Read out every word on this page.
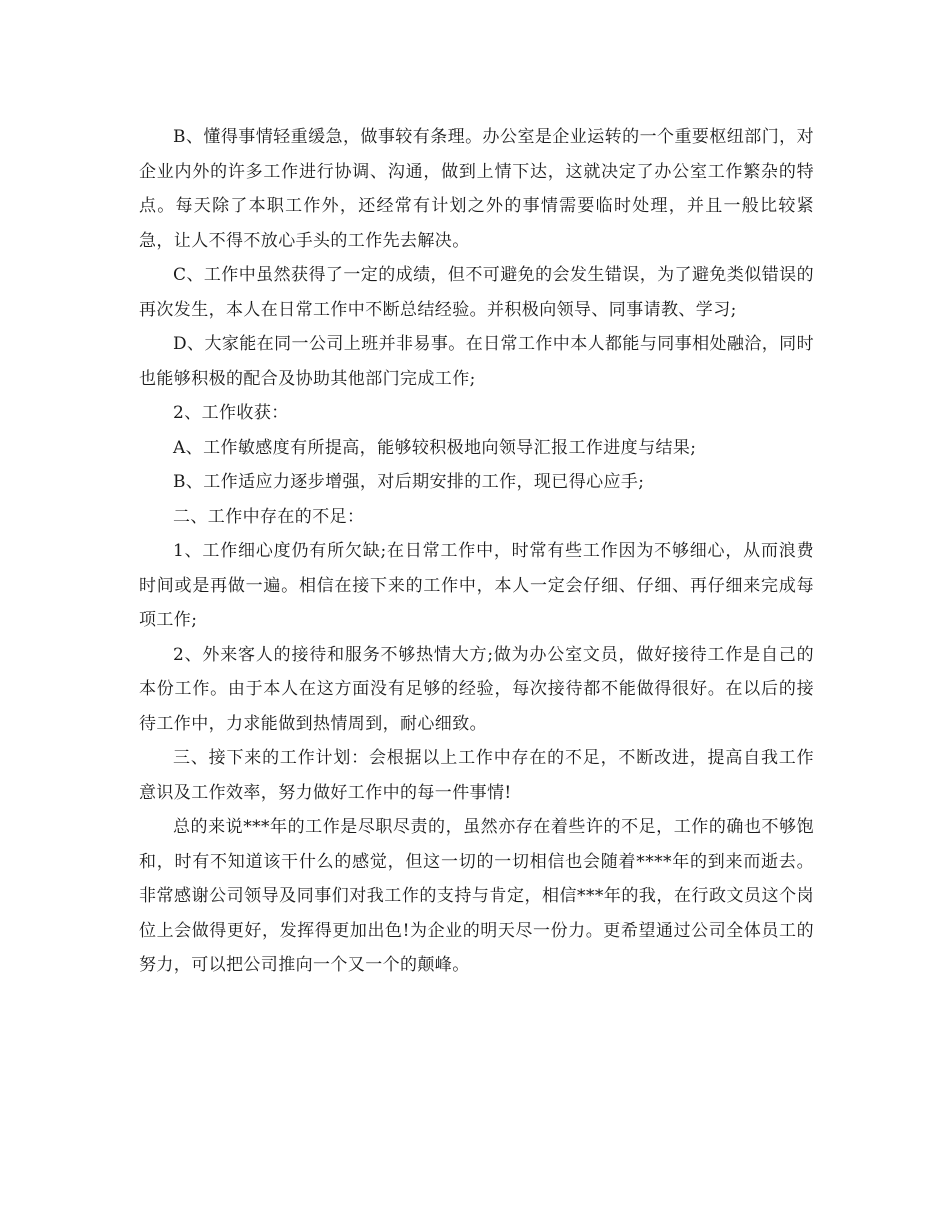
B、懂得事情轻重缓急，做事较有条理。办公室是企业运转的一个重要枢纽部门，对企业内外的许多工作进行协调、沟通，做到上情下达，这就决定了办公室工作繁杂的特点。每天除了本职工作外，还经常有计划之外的事情需要临时处理，并且一般比较紧急，让人不得不放心手头的工作先去解决。

C、工作中虽然获得了一定的成绩，但不可避免的会发生错误，为了避免类似错误的再次发生，本人在日常工作中不断总结经验。并积极向领导、同事请教、学习;

D、大家能在同一公司上班并非易事。在日常工作中本人都能与同事相处融洽，同时也能够积极的配合及协助其他部门完成工作;

2、工作收获：

A、工作敏感度有所提高，能够较积极地向领导汇报工作进度与结果;

B、工作适应力逐步增强，对后期安排的工作，现已得心应手;

二、工作中存在的不足：

1、工作细心度仍有所欠缺;在日常工作中，时常有些工作因为不够细心，从而浪费时间或是再做一遍。相信在接下来的工作中，本人一定会仔细、仔细、再仔细来完成每项工作;

2、外来客人的接待和服务不够热情大方;做为办公室文员，做好接待工作是自己的本份工作。由于本人在这方面没有足够的经验，每次接待都不能做得很好。在以后的接待工作中，力求能做到热情周到，耐心细致。

三、接下来的工作计划：会根据以上工作中存在的不足，不断改进，提高自我工作意识及工作效率，努力做好工作中的每一件事情!

总的来说***年的工作是尽职尽责的，虽然亦存在着些许的不足，工作的确也不够饱和，时有不知道该干什么的感觉，但这一切的一切相信也会随着****年的到来而逝去。非常感谢公司领导及同事们对我工作的支持与肯定，相信***年的我，在行政文员这个岗位上会做得更好，发挥得更加出色!为企业的明天尽一份力。更希望通过公司全体员工的努力，可以把公司推向一个又一个的颠峰。
